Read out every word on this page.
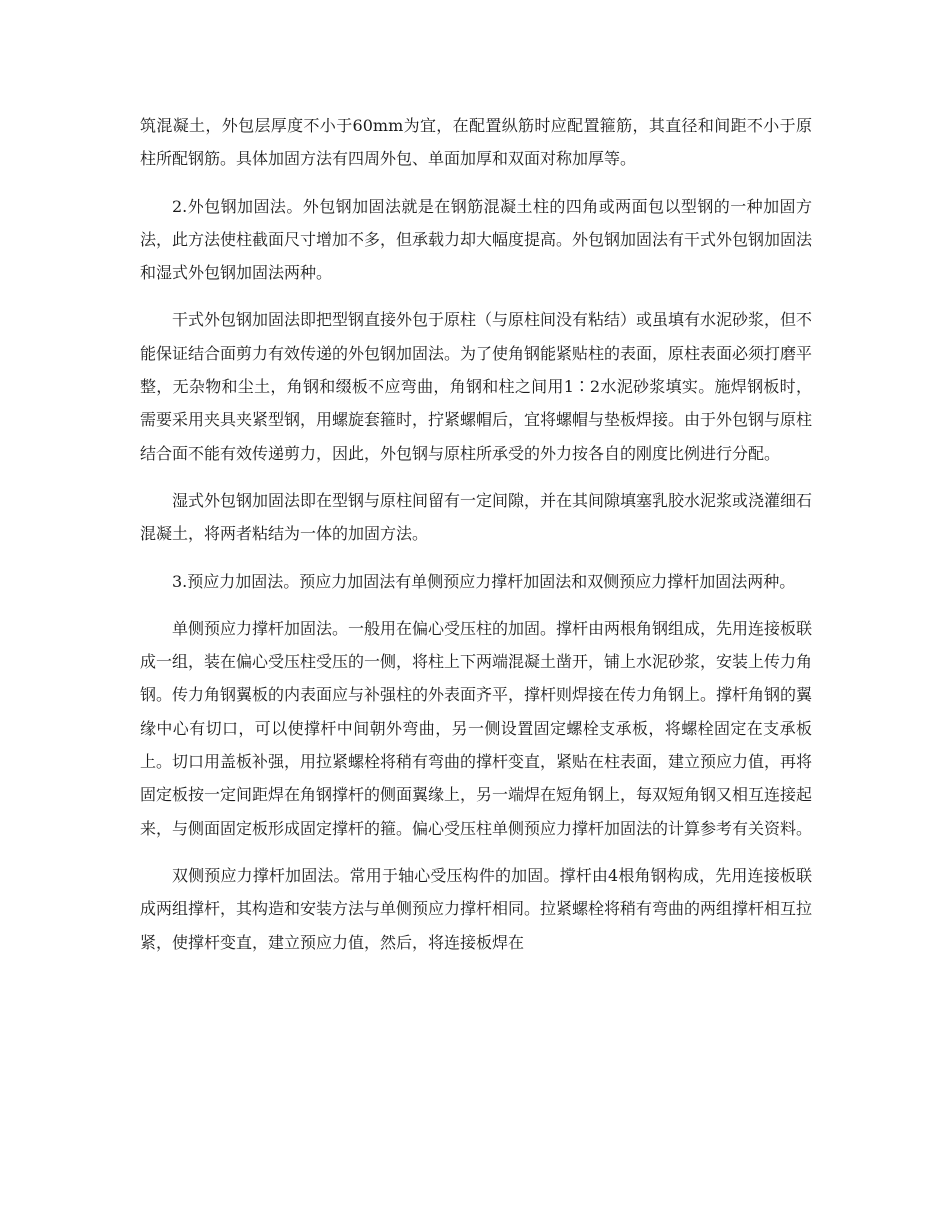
筑混凝土，外包层厚度不小于60mm为宜，在配置纵筋时应配置箍筋，其直径和间距不小于原柱所配钢筋。具体加固方法有四周外包、单面加厚和双面对称加厚等。

2.外包钢加固法。外包钢加固法就是在钢筋混凝土柱的四角或两面包以型钢的一种加固方法，此方法使柱截面尺寸增加不多，但承载力却大幅度提高。外包钢加固法有干式外包钢加固法和湿式外包钢加固法两种。

干式外包钢加固法即把型钢直接外包于原柱（与原柱间没有粘结）或虽填有水泥砂浆，但不能保证结合面剪力有效传递的外包钢加固法。为了使角钢能紧贴柱的表面，原柱表面必须打磨平整，无杂物和尘土，角钢和缀板不应弯曲，角钢和柱之间用1∶2水泥砂浆填实。施焊钢板时，需要采用夹具夹紧型钢，用螺旋套箍时，拧紧螺帽后，宜将螺帽与垫板焊接。由于外包钢与原柱结合面不能有效传递剪力，因此，外包钢与原柱所承受的外力按各自的刚度比例进行分配。

湿式外包钢加固法即在型钢与原柱间留有一定间隙，并在其间隙填塞乳胶水泥浆或浇灌细石混凝土，将两者粘结为一体的加固方法。

3.预应力加固法。预应力加固法有单侧预应力撑杆加固法和双侧预应力撑杆加固法两种。

单侧预应力撑杆加固法。一般用在偏心受压柱的加固。撑杆由两根角钢组成，先用连接板联成一组，装在偏心受压柱受压的一侧，将柱上下两端混凝土凿开，铺上水泥砂浆，安装上传力角钢。传力角钢翼板的内表面应与补强柱的外表面齐平，撑杆则焊接在传力角钢上。撑杆角钢的翼缘中心有切口，可以使撑杆中间朝外弯曲，另一侧设置固定螺栓支承板，将螺栓固定在支承板上。切口用盖板补强，用拉紧螺栓将稍有弯曲的撑杆变直，紧贴在柱表面，建立预应力值，再将固定板按一定间距焊在角钢撑杆的侧面翼缘上，另一端焊在短角钢上，每双短角钢又相互连接起来，与侧面固定板形成固定撑杆的箍。偏心受压柱单侧预应力撑杆加固法的计算参考有关资料。

双侧预应力撑杆加固法。常用于轴心受压构件的加固。撑杆由4根角钢构成，先用连接板联成两组撑杆，其构造和安装方法与单侧预应力撑杆相同。拉紧螺栓将稍有弯曲的两组撑杆相互拉紧，使撑杆变直，建立预应力值，然后，将连接板焊在
